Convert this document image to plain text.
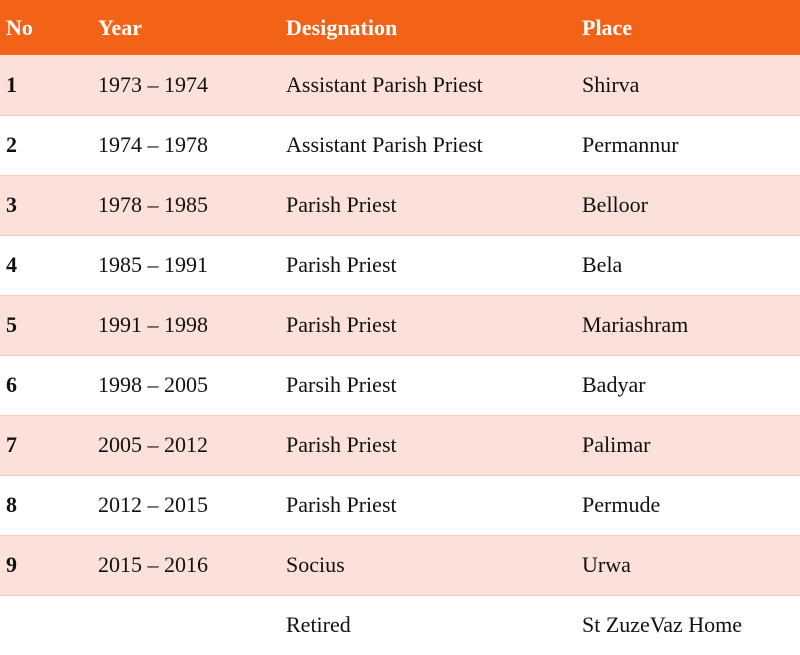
No	Year	Designation	Place
1	1973 – 1974	Assistant Parish Priest	Shirva
2	1974 – 1978	Assistant Parish Priest	Permannur
3	1978 – 1985	Parish Priest	Belloor
4	1985 – 1991	Parish Priest	Bela
5	1991 – 1998	Parish Priest	Mariashram
6	1998 – 2005	Parsih Priest	Badyar
7	2005 – 2012	Parish Priest	Palimar
8	2012 – 2015	Parish Priest	Permude
9	2015 – 2016	Socius	Urwa
		Retired	St ZuzeVaz Home
